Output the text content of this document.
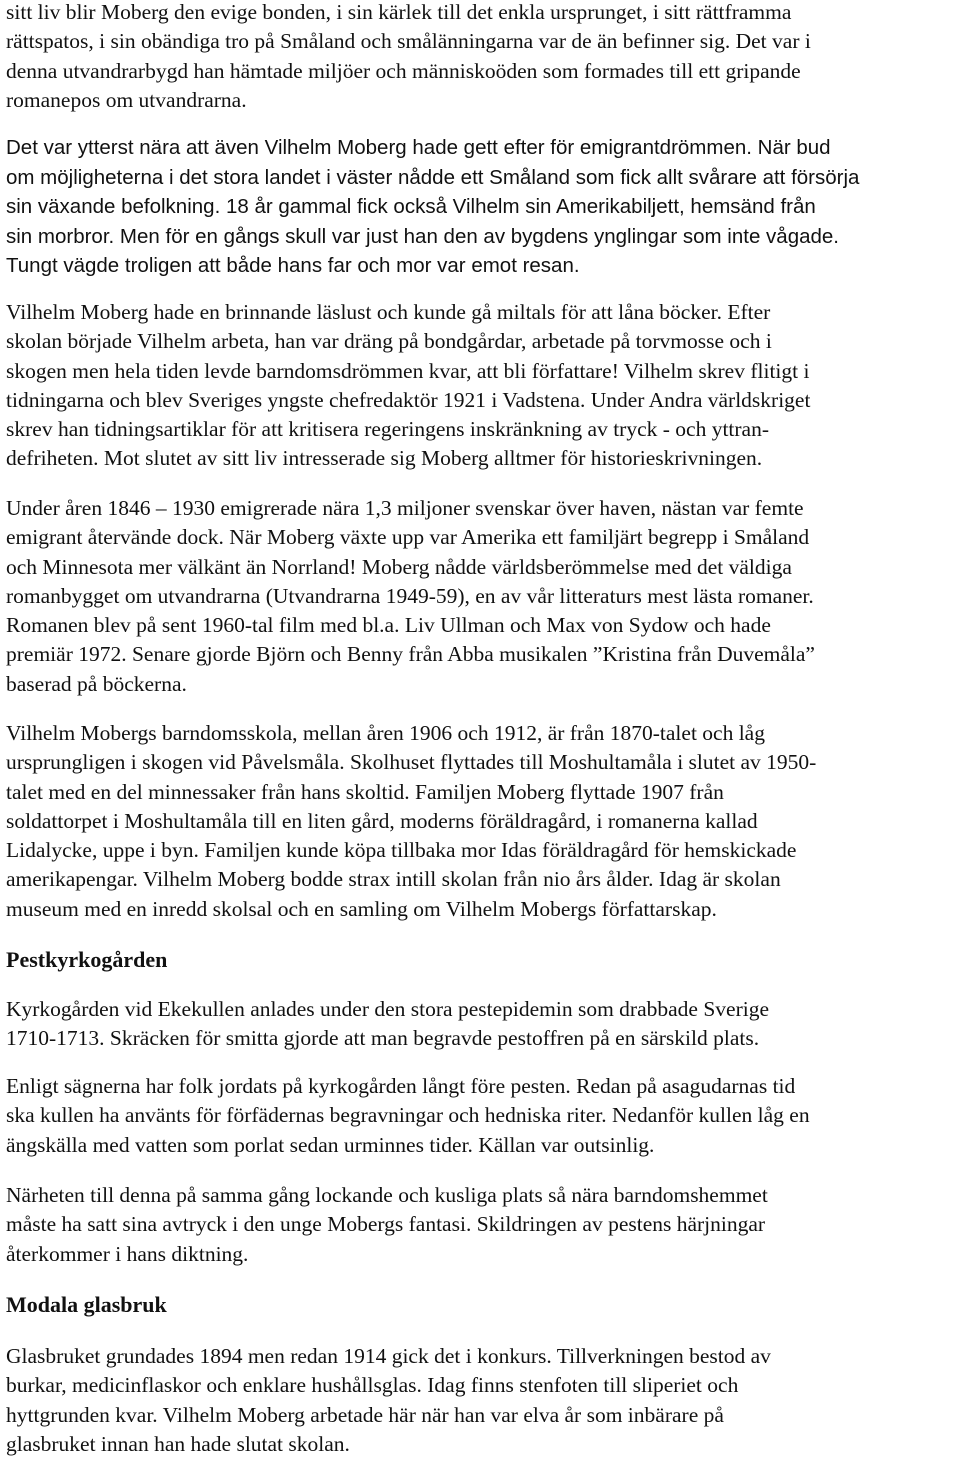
sitt liv blir Moberg den evige bonden, i sin kärlek till det enkla ursprunget, i sitt rättframma
rättspatos, i sin obändiga tro på Småland och smålänningarna var de än befinner sig. Det var i
denna utvandrarbygd han hämtade miljöer och människoöden som formades till ett gripande
romanepos om utvandrarna.
Det var ytterst nära att även Vilhelm Moberg hade gett efter för emigrantdrömmen. När bud
om möjligheterna i det stora landet i väster nådde ett Småland som fick allt svårare att försörja
sin växande befolkning. 18 år gammal fick också Vilhelm sin Amerikabiljett, hemsänd från
sin morbror. Men för en gångs skull var just han den av bygdens ynglingar som inte vågade.
Tungt vägde troligen att både hans far och mor var emot resan.
Vilhelm Moberg hade en brinnande läslust och kunde gå miltals för att låna böcker. Efter
skolan började Vilhelm arbeta, han var dräng på bondgårdar, arbetade på torvmosse och i
skogen men hela tiden levde barndomsdrömmen kvar, att bli författare! Vilhelm skrev flitigt i
tidningarna och blev Sveriges yngste chefredaktör 1921 i Vadstena. Under Andra världskriget
skrev han tidningsartiklar för att kritisera regeringens inskränkning av tryck - och yttran-
defriheten. Mot slutet av sitt liv intresserade sig Moberg alltmer för historieskrivningen.
Under åren 1846 – 1930 emigrerade nära 1,3 miljoner svenskar över haven, nästan var femte
emigrant återvände dock. När Moberg växte upp var Amerika ett familjärt begrepp i Småland
och Minnesota mer välkänt än Norrland! Moberg nådde världsberömmelse med det väldiga
romanbygget om utvandrarna (Utvandrarna 1949-59), en av vår litteraturs mest lästa romaner.
Romanen blev på sent 1960-tal film med bl.a. Liv Ullman och Max von Sydow och hade
premiär 1972. Senare gjorde Björn och Benny från Abba musikalen ”Kristina från Duvemåla”
baserad på böckerna.
Vilhelm Mobergs barndomsskola, mellan åren 1906 och 1912, är från 1870-talet och låg
ursprungligen i skogen vid Påvelsmåla. Skolhuset flyttades till Moshultamåla i slutet av 1950-
talet med en del minnessaker från hans skoltid. Familjen Moberg flyttade 1907 från
soldattorpet i Moshultamåla till en liten gård, moderns föräldragård, i romanerna kallad
Lidalycke, uppe i byn. Familjen kunde köpa tillbaka mor Idas föräldragård för hemskickade
amerikapengar. Vilhelm Moberg bodde strax intill skolan från nio års ålder. Idag är skolan
museum med en inredd skolsal och en samling om Vilhelm Mobergs författarskap.
Pestkyrkogården
Kyrkogården vid Ekekullen anlades under den stora pestepidemin som drabbade Sverige
1710-1713. Skräcken för smitta gjorde att man begravde pestoffren på en särskild plats.
Enligt sägnerna har folk jordats på kyrkogården långt före pesten. Redan på asagudarnas tid
ska kullen ha använts för förfädernas begravningar och hedniska riter. Nedanför kullen låg en
ängskälla med vatten som porlat sedan urminnes tider. Källan var outsinlig.
Närheten till denna på samma gång lockande och kusliga plats så nära barndomshemmet
måste ha satt sina avtryck i den unge Mobergs fantasi. Skildringen av pestens härjningar
återkommer i hans diktning.
Modala glasbruk
Glasbruket grundades 1894 men redan 1914 gick det i konkurs. Tillverkningen bestod av
burkar, medicinflaskor och enklare hushållsglas. Idag finns stenfoten till sliperiet och
hyttgrunden kvar. Vilhelm Moberg arbetade här när han var elva år som inbärare på
glasbruket innan han hade slutat skolan.
